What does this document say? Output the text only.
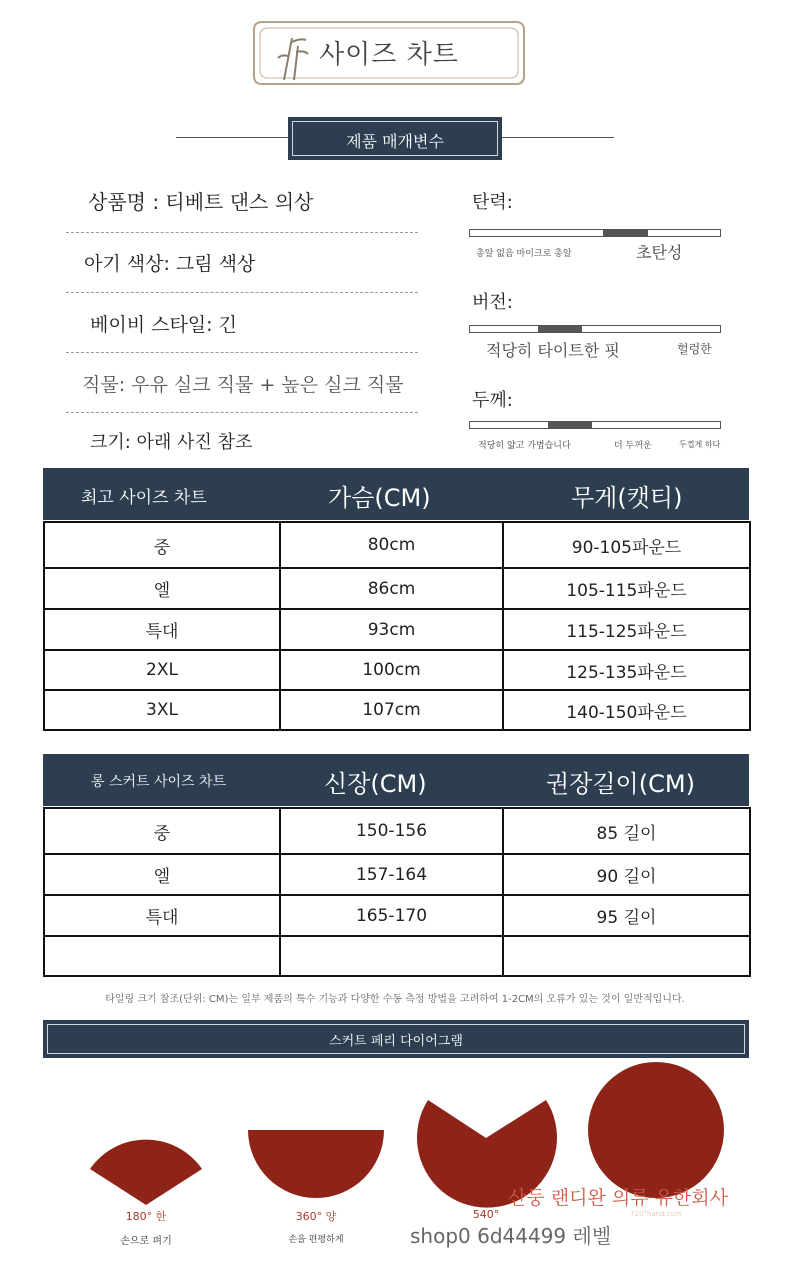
사이즈 차트
제품 매개변수
상품명 : 티베트 댄스 의상
아기 색상: 그림 색상
베이비 스타일: 긴
직물: 우유 실크 직물 + 높은 실크 직물
크기: 아래 사진 참조
탄력:
총알 없음 마이크로 총알	초탄성
버전:
적당히 타이트한 핏	헐렁한
두께:
적당히 얇고 가볍습니다	더 두꺼운	두껍게 하다
최고 사이즈 차트	가슴(CM)	무게(캣티)
중	80cm	90-105파운드
엘	86cm	105-115파운드
특대	93cm	115-125파운드
2XL	100cm	125-135파운드
3XL	107cm	140-150파운드
롱 스커트 사이즈 차트	신장(CM)	권장길이(CM)
중	150-156	85 길이
엘	157-164	90 길이
특대	165-170	95 길이

타일링 크기 참조(단위: CM)는 일부 제품의 특수 기능과 다양한 수동 측정 방법을 고려하여 1-2CM의 오류가 있는 것이 일반적입니다.
스커트 페리 다이어그램
180° 한
손으로 펴기
360° 양
손을 편평하게
540°	720°hand.com
산둥 랜디완 의류 유한회사
shop0 6d44499 레벨
